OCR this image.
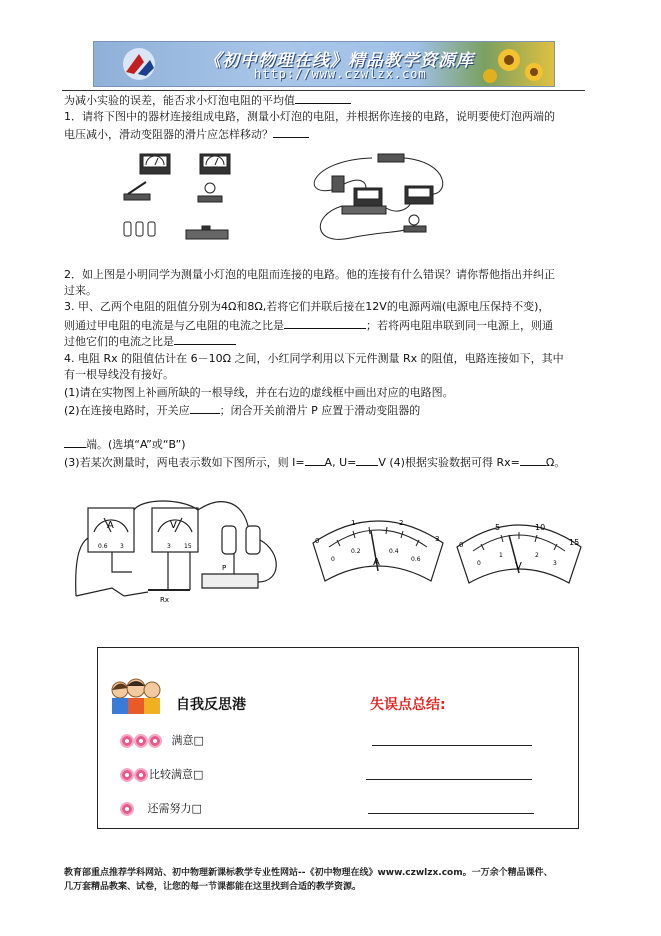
《初中物理在线》精品教学资源库
http://www.czwlzx.com
为减小实验的误差，能否求小灯泡电阻的平均值
1．请将下图中的器材连接组成电路，测量小灯泡的电阻，并根据你连接的电路，说明要使灯泡两端的
电压减小，滑动变阻器的滑片应怎样移动？
2．如上图是小明同学为测量小灯泡的电阻而连接的电路。他的连接有什么错误？请你帮他指出并纠正
过来。
3. 甲、乙两个电阻的阻值分别为4Ω和8Ω,若将它们并联后接在12V的电源两端(电源电压保持不变)，
则通过甲电阻的电流是与乙电阻的电流之比是	；若将两电阻串联到同一电源上，则通
过他它们的电流之比是
4. 电阻 Rx 的阻值估计在 6－10Ω 之间，小红同学利用以下元件测量 Rx 的阻值，电路连接如下，其中
有一根导线没有接好。
(1)请在实物图上补画所缺的一根导线，并在右边的虚线框中画出对应的电路图。
(2)在连接电路时，开关应	；闭合开关前滑片 P 应置于滑动变阻器的
端。(选填“A”或“B”)
(3)若某次测量时，两电表示数如下图所示，则 I= A, U= V (4)根据实验数据可得 Rx= Ω。
A	V
0.6 3	3 15
Rx
P
0
1	2
3
0
0.2	0.4
0.6
A
0
5	10
15
0
1	2
3
V
自我反思港	失误点总结:
满意□
比较满意□
还需努力□
教育部重点推荐学科网站、初中物理新课标教学专业性网站--《初中物理在线》www.czwlzx.com。一万余个精品课件、
几万套精品教案、试卷，让您的每一节课都能在这里找到合适的教学资源。
